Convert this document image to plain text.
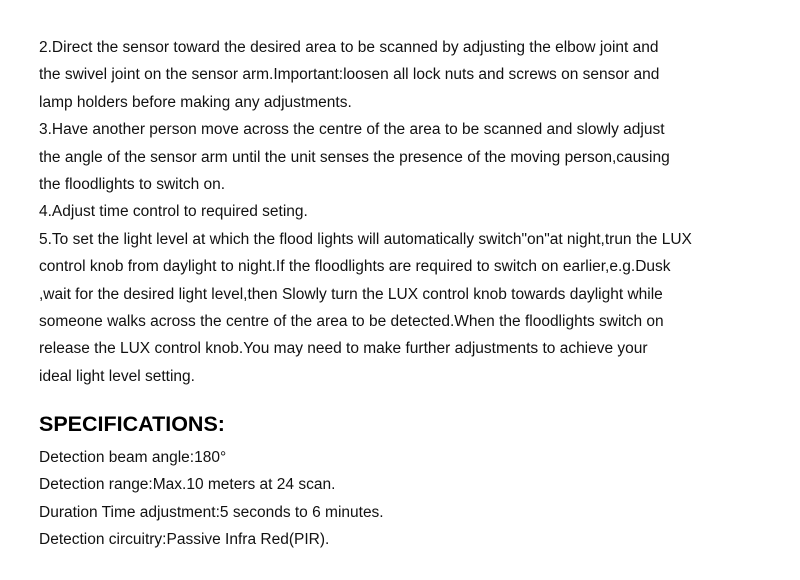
2.Direct the sensor toward the desired area to be scanned by adjusting the elbow joint and
the swivel joint on the sensor arm.Important:loosen all lock nuts and screws on sensor and
lamp holders before making any adjustments.
3.Have another person move across the centre of the area to be scanned and slowly adjust
the angle of the sensor arm until the unit senses the presence of the moving person,causing
the floodlights to switch on.
4.Adjust time control to required seting.
5.To set the light level at which the flood lights will automatically switch"on"at night,trun the LUX
control knob from daylight to night.If the floodlights are required to switch on earlier,e.g.Dusk
,wait for the desired light level,then Slowly turn the LUX control knob towards daylight while
someone walks across the centre of the area to be detected.When the floodlights switch on
release the LUX control knob.You may need to make further adjustments to achieve your
ideal light level setting.
SPECIFICATIONS:
Detection beam angle:180°
Detection range:Max.10 meters at 24 scan.
Duration Time adjustment:5 seconds to 6 minutes.
Detection circuitry:Passive Infra Red(PIR).
